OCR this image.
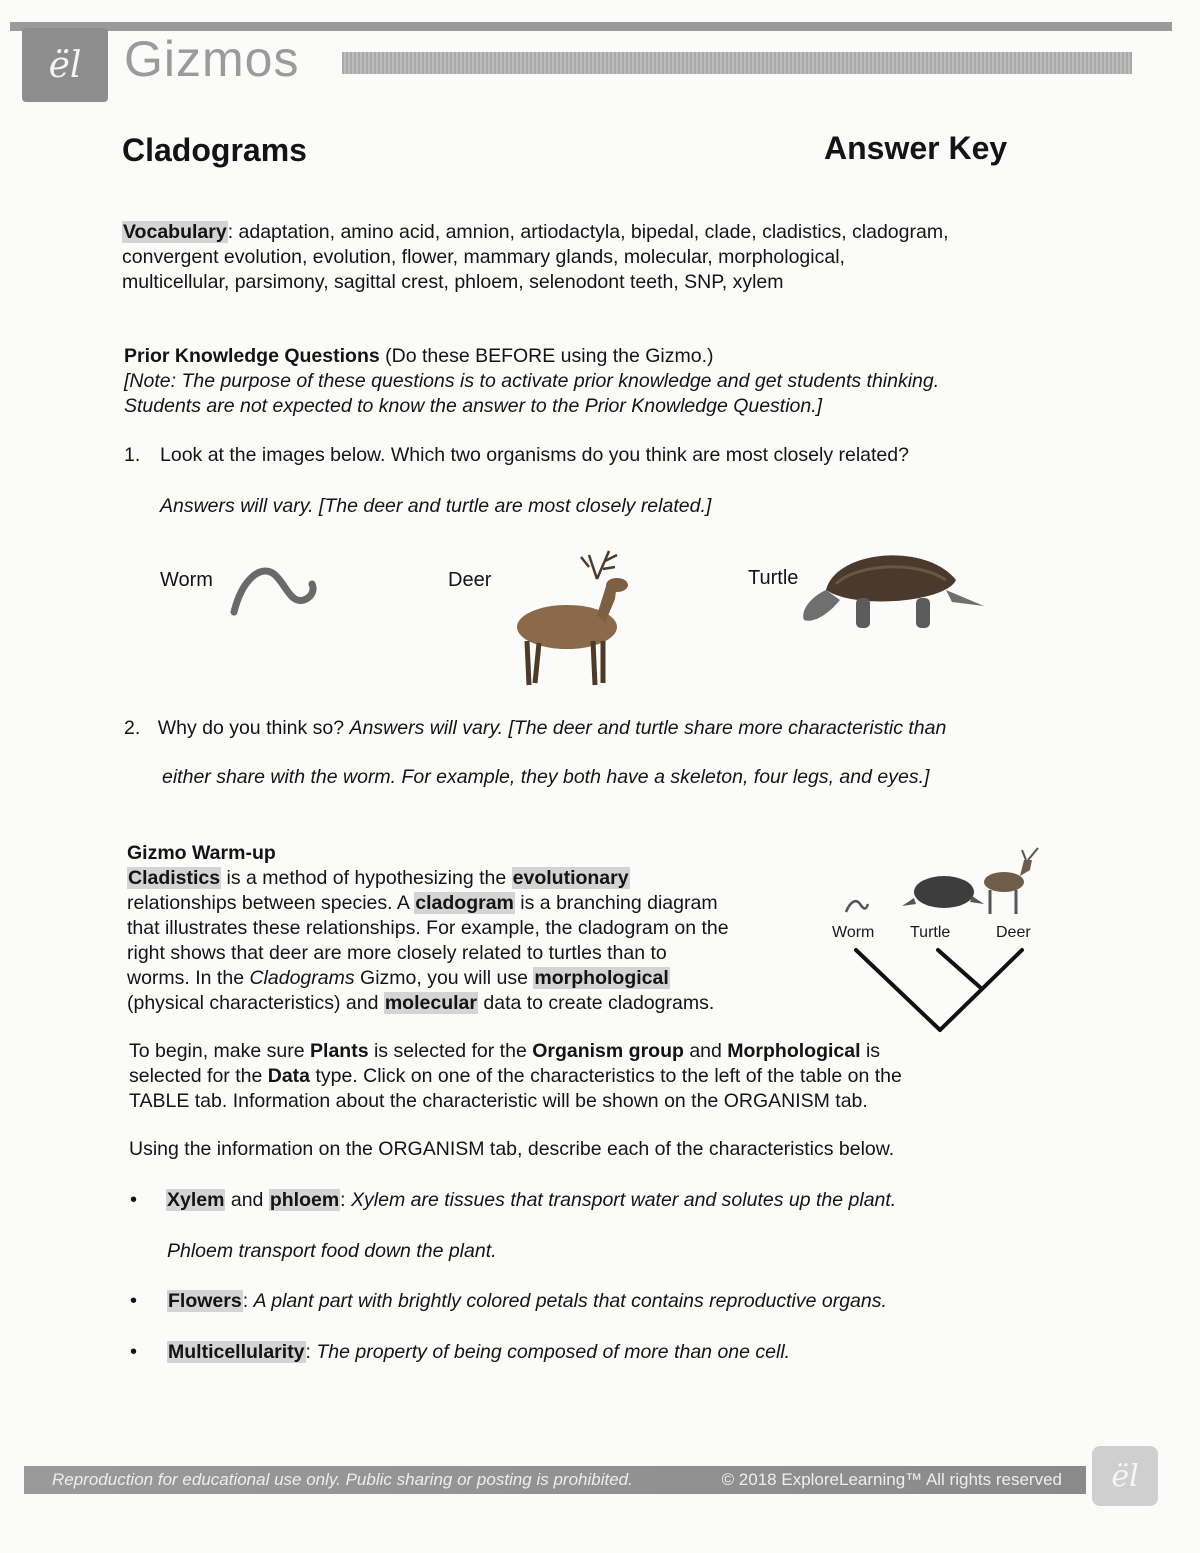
ël Gizmos
Cladograms	Answer Key
Vocabulary: adaptation, amino acid, amnion, artiodactyla, bipedal, clade, cladistics, cladogram,
convergent evolution, evolution, flower, mammary glands, molecular, morphological,
multicellular, parsimony, sagittal crest, phloem, selenodont teeth, SNP, xylem
Prior Knowledge Questions (Do these BEFORE using the Gizmo.)
[Note: The purpose of these questions is to activate prior knowledge and get students thinking.
Students are not expected to know the answer to the Prior Knowledge Question.]
1. Look at the images below. Which two organisms do you think are most closely related?
Answers will vary. [The deer and turtle are most closely related.]
Worm	Deer	Turtle
2. Why do you think so? Answers will vary. [The deer and turtle share more characteristic than
either share with the worm. For example, they both have a skeleton, four legs, and eyes.]
Gizmo Warm-up
Cladistics is a method of hypothesizing the evolutionary
relationships between species. A cladogram is a branching diagram
that illustrates these relationships. For example, the cladogram on the
right shows that deer are more closely related to turtles than to
worms. In the Cladograms Gizmo, you will use morphological
(physical characteristics) and molecular data to create cladograms.
Worm Turtle	Deer
To begin, make sure Plants is selected for the Organism group and Morphological is
selected for the Data type. Click on one of the characteristics to the left of the table on the
TABLE tab. Information about the characteristic will be shown on the ORGANISM tab.
Using the information on the ORGANISM tab, describe each of the characteristics below.
• Xylem and phloem: Xylem are tissues that transport water and solutes up the plant.
Phloem transport food down the plant.
• Flowers: A plant part with brightly colored petals that contains reproductive organs.
• Multicellularity: The property of being composed of more than one cell.
Reproduction for educational use only. Public sharing or posting is prohibited.	© 2018 ExploreLearning™ All rights reserved ël
